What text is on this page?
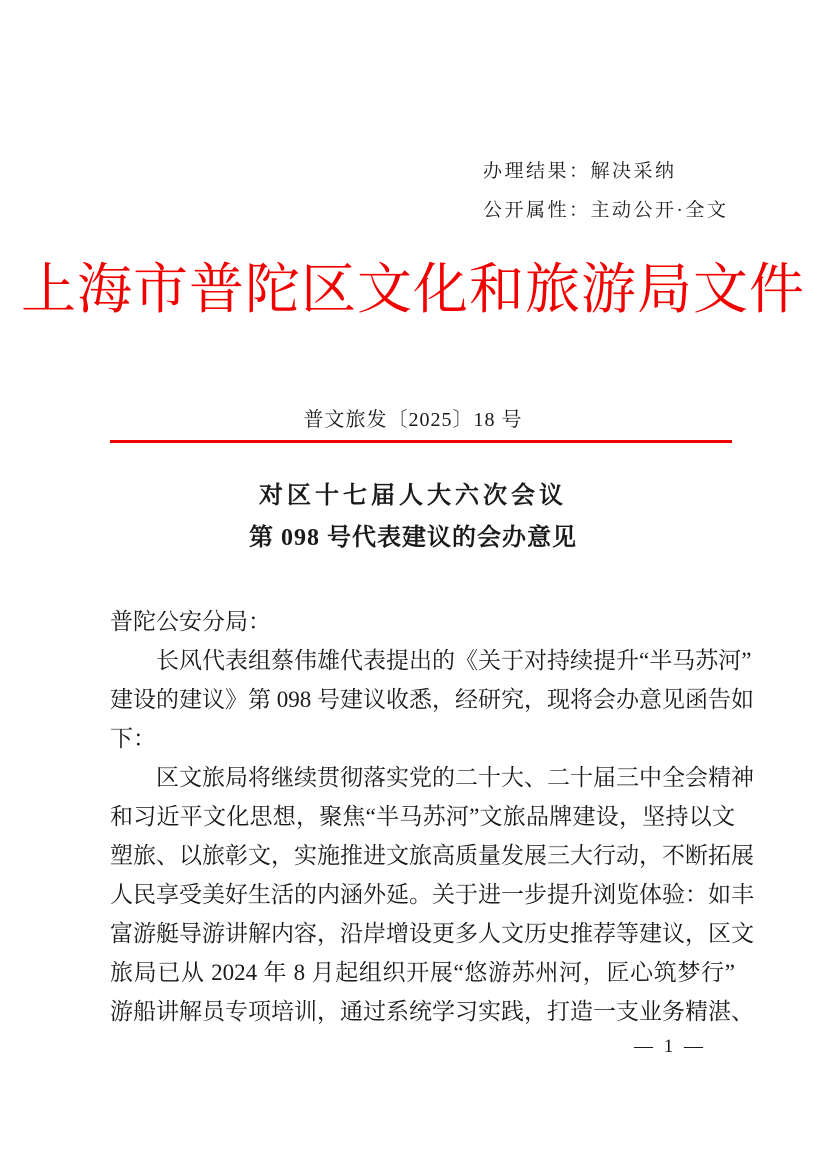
办理结果：解决采纳
公开属性：主动公开·全文
上海市普陀区文化和旅游局文件
普文旅发〔2025〕18 号
对区十七届人大六次会议
第 098 号代表建议的会办意见
普陀公安分局：
长风代表组蔡伟雄代表提出的《关于对持续提升“半马苏河”
建设的建议》第 098 号建议收悉，经研究，现将会办意见函告如
下：
区文旅局将继续贯彻落实党的二十大、二十届三中全会精神
和习近平文化思想，聚焦“半马苏河”文旅品牌建设，坚持以文
塑旅、以旅彰文，实施推进文旅高质量发展三大行动，不断拓展
人民享受美好生活的内涵外延。关于进一步提升浏览体验：如丰
富游艇导游讲解内容，沿岸增设更多人文历史推荐等建议，区文
旅局已从 2024 年 8 月起组织开展“悠游苏州河，匠心筑梦行”
游船讲解员专项培训，通过系统学习实践，打造一支业务精湛、
— 1 —
